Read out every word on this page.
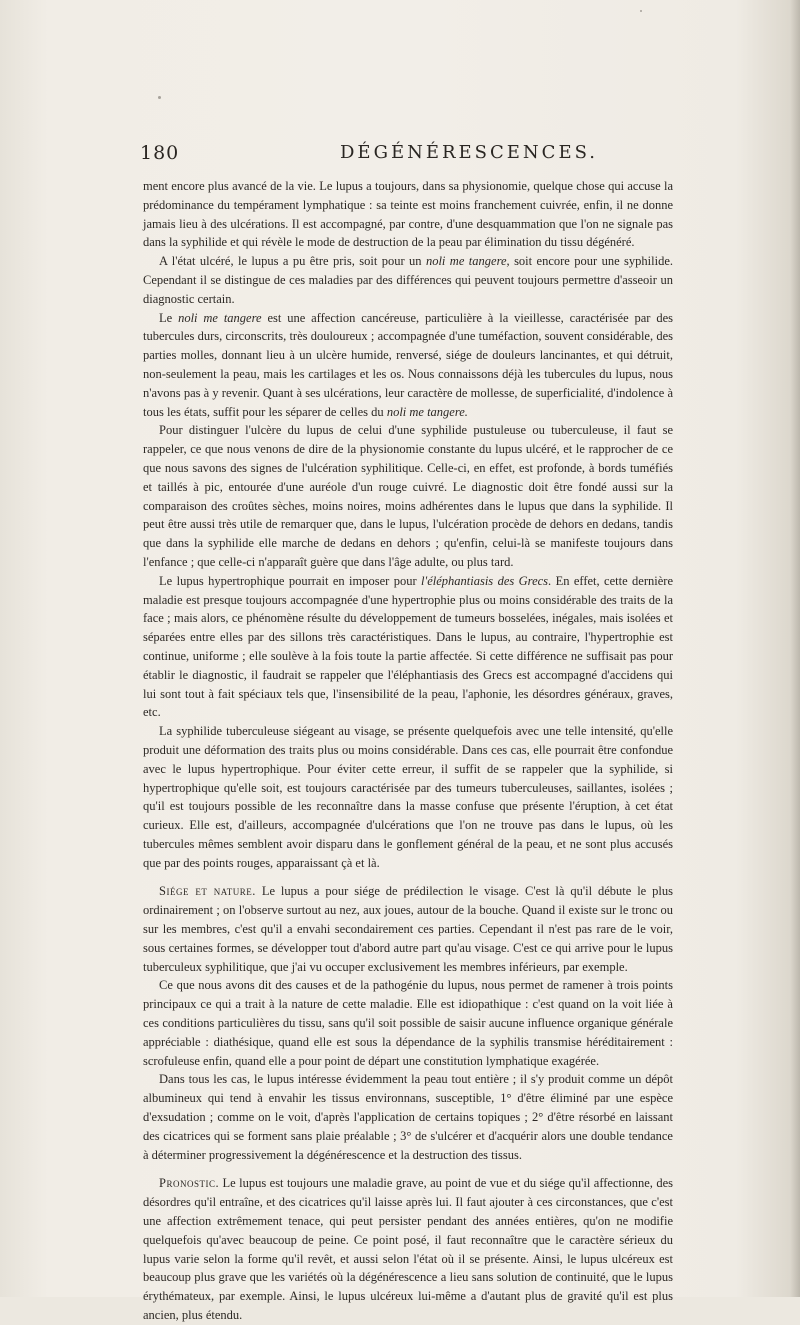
180	DÉGÉNÉRESCENCES.

ment encore plus avancé de la vie. Le lupus a toujours, dans sa physionomie, quelque chose qui accuse la prédominance du tempérament lymphatique : sa teinte est moins franchement cuivrée, enfin, il ne donne jamais lieu à des ulcérations. Il est accompagné, par contre, d'une desquammation que l'on ne signale pas dans la syphilide et qui révèle le mode de destruction de la peau par élimination du tissu dégénéré.

A l'état ulcéré, le lupus a pu être pris, soit pour un noli me tangere, soit encore pour une syphilide. Cependant il se distingue de ces maladies par des différences qui peuvent toujours permettre d'asseoir un diagnostic certain.

Le noli me tangere est une affection cancéreuse, particulière à la vieillesse, caractérisée par des tubercules durs, circonscrits, très douloureux ; accompagnée d'une tuméfaction, souvent considérable, des parties molles, donnant lieu à un ulcère humide, renversé, siége de douleurs lancinantes, et qui détruit, non-seulement la peau, mais les cartilages et les os. Nous connaissons déjà les tubercules du lupus, nous n'avons pas à y revenir. Quant à ses ulcérations, leur caractère de mollesse, de superficialité, d'indolence à tous les états, suffit pour les séparer de celles du noli me tangere.

Pour distinguer l'ulcère du lupus de celui d'une syphilide pustuleuse ou tuberculeuse, il faut se rappeler, ce que nous venons de dire de la physionomie constante du lupus ulcéré, et le rapprocher de ce que nous savons des signes de l'ulcération syphilitique. Celle-ci, en effet, est profonde, à bords tuméfiés et taillés à pic, entourée d'une auréole d'un rouge cuivré. Le diagnostic doit être fondé aussi sur la comparaison des croûtes sèches, moins noires, moins adhérentes dans le lupus que dans la syphilide. Il peut être aussi très utile de remarquer que, dans le lupus, l'ulcération procède de dehors en dedans, tandis que dans la syphilide elle marche de dedans en dehors ; qu'enfin, celui-là se manifeste toujours dans l'enfance ; que celle-ci n'apparaît guère que dans l'âge adulte, ou plus tard.

Le lupus hypertrophique pourrait en imposer pour l'éléphantiasis des Grecs. En effet, cette dernière maladie est presque toujours accompagnée d'une hypertrophie plus ou moins considérable des traits de la face ; mais alors, ce phénomène résulte du développement de tumeurs bosselées, inégales, mais isolées et séparées entre elles par des sillons très caractéristiques. Dans le lupus, au contraire, l'hypertrophie est continue, uniforme ; elle soulève à la fois toute la partie affectée. Si cette différence ne suffisait pas pour établir le diagnostic, il faudrait se rappeler que l'éléphantiasis des Grecs est accompagné d'accidens qui lui sont tout à fait spéciaux tels que, l'insensibilité de la peau, l'aphonie, les désordres généraux, graves, etc.

La syphilide tuberculeuse siégeant au visage, se présente quelquefois avec une telle intensité, qu'elle produit une déformation des traits plus ou moins considérable. Dans ces cas, elle pourrait être confondue avec le lupus hypertrophique. Pour éviter cette erreur, il suffit de se rappeler que la syphilide, si hypertrophique qu'elle soit, est toujours caractérisée par des tumeurs tuberculeuses, saillantes, isolées ; qu'il est toujours possible de les reconnaître dans la masse confuse que présente l'éruption, à cet état curieux. Elle est, d'ailleurs, accompagnée d'ulcérations que l'on ne trouve pas dans le lupus, où les tubercules mêmes semblent avoir disparu dans le gonflement général de la peau, et ne sont plus accusés que par des points rouges, apparaissant çà et là.

Siége et nature. Le lupus a pour siége de prédilection le visage. C'est là qu'il débute le plus ordinairement ; on l'observe surtout au nez, aux joues, autour de la bouche. Quand il existe sur le tronc ou sur les membres, c'est qu'il a envahi secondairement ces parties. Cependant il n'est pas rare de le voir, sous certaines formes, se développer tout d'abord autre part qu'au visage. C'est ce qui arrive pour le lupus tuberculeux syphilitique, que j'ai vu occuper exclusivement les membres inférieurs, par exemple.

Ce que nous avons dit des causes et de la pathogénie du lupus, nous permet de ramener à trois points principaux ce qui a trait à la nature de cette maladie. Elle est idiopathique : c'est quand on la voit liée à ces conditions particulières du tissu, sans qu'il soit possible de saisir aucune influence organique générale appréciable : diathésique, quand elle est sous la dépendance de la syphilis transmise héréditairement : scrofuleuse enfin, quand elle a pour point de départ une constitution lymphatique exagérée.

Dans tous les cas, le lupus intéresse évidemment la peau tout entière ; il s'y produit comme un dépôt albumineux qui tend à envahir les tissus environnans, susceptible, 1° d'être éliminé par une espèce d'exsudation ; comme on le voit, d'après l'application de certains topiques ; 2° d'être résorbé en laissant des cicatrices qui se forment sans plaie préalable ; 3° de s'ulcérer et d'acquérir alors une double tendance à déterminer progressivement la dégénérescence et la destruction des tissus.

Pronostic. Le lupus est toujours une maladie grave, au point de vue et du siége qu'il affectionne, des désordres qu'il entraîne, et des cicatrices qu'il laisse après lui. Il faut ajouter à ces circonstances, que c'est une affection extrêmement tenace, qui peut persister pendant des années entières, qu'on ne modifie quelquefois qu'avec beaucoup de peine. Ce point posé, il faut reconnaître que le caractère sérieux du lupus varie selon la forme qu'il revêt, et aussi selon l'état où il se présente. Ainsi, le lupus ulcéreux est beaucoup plus grave que les variétés où la dégénérescence a lieu sans solution de continuité, que le lupus érythémateux, par exemple. Ainsi, le lupus ulcéreux lui-même a d'autant plus de gravité qu'il est plus ancien, plus étendu.
